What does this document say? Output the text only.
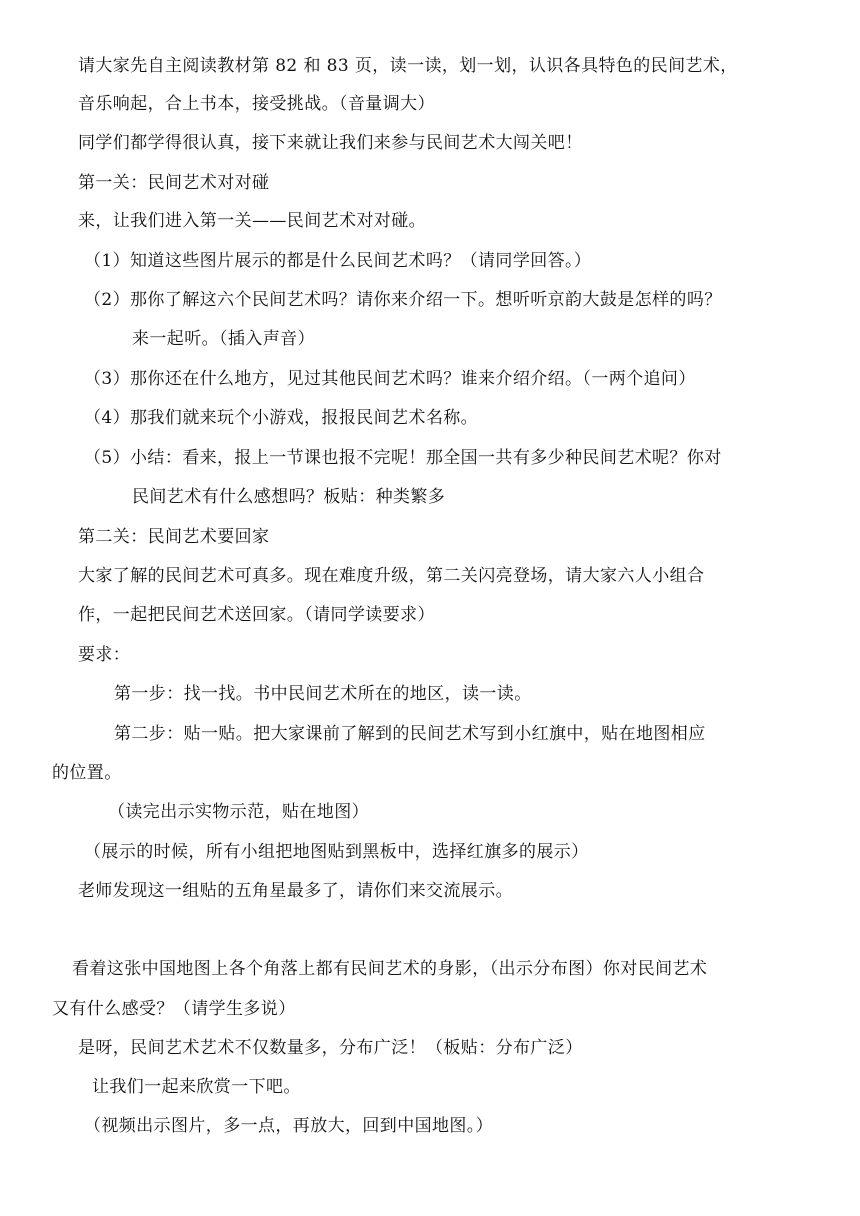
请大家先自主阅读教材第 82 和 83 页，读一读，划一划，认识各具特色的民间艺术，
音乐响起，合上书本，接受挑战。（音量调大）
同学们都学得很认真，接下来就让我们来参与民间艺术大闯关吧！
第一关：民间艺术对对碰
来，让我们进入第一关——民间艺术对对碰。
（1）知道这些图片展示的都是什么民间艺术吗？（请同学回答。）
（2）那你了解这六个民间艺术吗？请你来介绍一下。想听听京韵大鼓是怎样的吗？
来一起听。（插入声音）
（3）那你还在什么地方，见过其他民间艺术吗？谁来介绍介绍。（一两个追问）
（4）那我们就来玩个小游戏，报报民间艺术名称。
（5）小结：看来，报上一节课也报不完呢！那全国一共有多少种民间艺术呢？你对
民间艺术有什么感想吗？板贴：种类繁多
第二关：民间艺术要回家
大家了解的民间艺术可真多。现在难度升级，第二关闪亮登场，请大家六人小组合
作，一起把民间艺术送回家。（请同学读要求）
要求：
第一步：找一找。书中民间艺术所在的地区，读一读。
第二步：贴一贴。把大家课前了解到的民间艺术写到小红旗中，贴在地图相应
的位置。
（读完出示实物示范，贴在地图）
（展示的时候，所有小组把地图贴到黑板中，选择红旗多的展示）
老师发现这一组贴的五角星最多了，请你们来交流展示。
看着这张中国地图上各个角落上都有民间艺术的身影，（出示分布图）你对民间艺术
又有什么感受？（请学生多说）
是呀，民间艺术艺术不仅数量多，分布广泛！（板贴：分布广泛）
让我们一起来欣赏一下吧。
（视频出示图片，多一点，再放大，回到中国地图。）
